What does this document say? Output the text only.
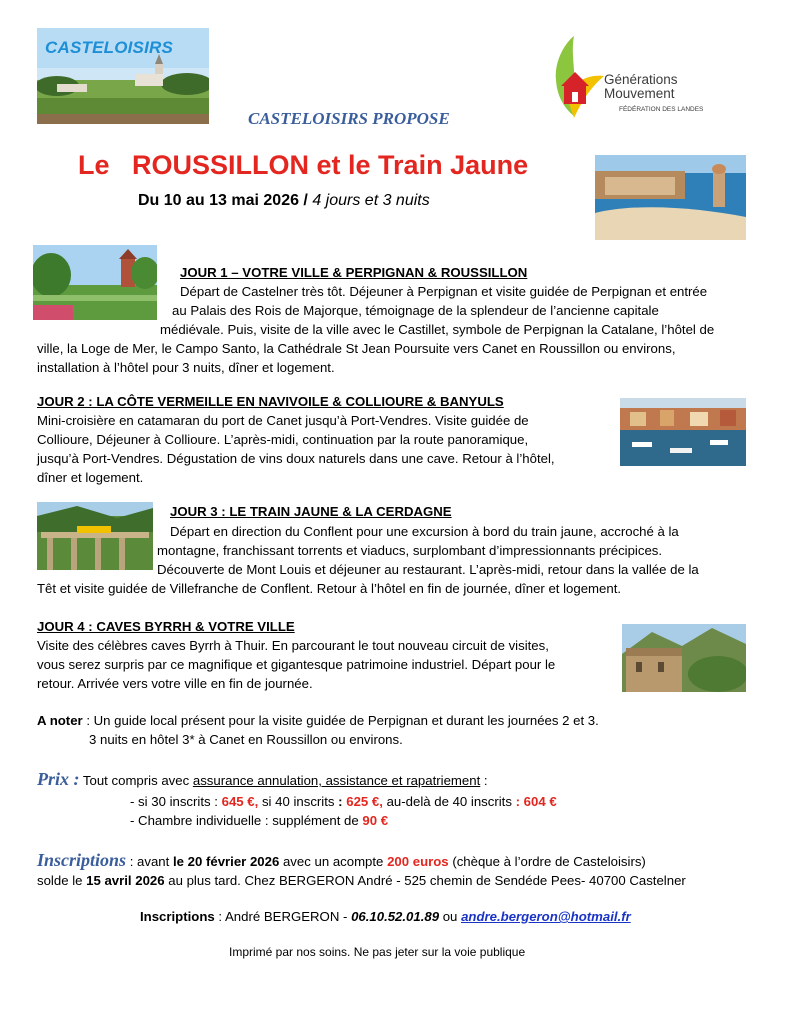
CASTELOISIRS
Générations
Mouvement
FÉDÉRATION DES LANDES
CASTELOISIRS PROPOSE
Le   ROUSSILLON et le Train Jaune
Du 10 au 13 mai 2026 / 4 jours et 3 nuits
JOUR 1 – VOTRE VILLE & PERPIGNAN & ROUSSILLON
Départ de Castelner très tôt. Déjeuner à Perpignan et visite guidée de Perpignan et entrée
au Palais des Rois de Majorque, témoignage de la splendeur de l’ancienne capitale
médiévale. Puis, visite de la ville avec le Castillet, symbole de Perpignan la Catalane, l’hôtel de
ville, la Loge de Mer, le Campo Santo, la Cathédrale St Jean Poursuite vers Canet en Roussillon ou environs,
installation à l’hôtel pour 3 nuits, dîner et logement.
JOUR 2 : LA CÔTE VERMEILLE EN NAVIVOILE & COLLIOURE & BANYULS
Mini-croisière en catamaran du port de Canet jusqu’à Port-Vendres. Visite guidée de
Collioure, Déjeuner à Collioure. L’après-midi, continuation par la route panoramique,
jusqu’à Port-Vendres. Dégustation de vins doux naturels dans une cave. Retour à l’hôtel,
dîner et logement.
JOUR 3 : LE TRAIN JAUNE & LA CERDAGNE
Départ en direction du Conflent pour une excursion à bord du train jaune, accroché à la
montagne, franchissant torrents et viaducs, surplombant d’impressionnants précipices.
Découverte de Mont Louis et déjeuner au restaurant. L’après-midi, retour dans la vallée de la
Têt et visite guidée de Villefranche de Conflent. Retour à l’hôtel en fin de journée, dîner et logement.
JOUR 4 : CAVES BYRRH & VOTRE VILLE
Visite des célèbres caves Byrrh à Thuir. En parcourant le tout nouveau circuit de visites,
vous serez surpris par ce magnifique et gigantesque patrimoine industriel. Départ pour le
retour. Arrivée vers votre ville en fin de journée.
A noter : Un guide local présent pour la visite guidée de Perpignan et durant les journées 2 et 3.
3 nuits en hôtel 3* à Canet en Roussillon ou environs.
Prix : Tout compris avec assurance annulation, assistance et rapatriement :
- si 30 inscrits : 645 €, si 40 inscrits : 625 €, au-delà de 40 inscrits : 604 €
- Chambre individuelle : supplément de 90 €
Inscriptions : avant le 20 février 2026 avec un acompte 200 euros (chèque à l’ordre de Casteloisirs)
solde le 15 avril 2026 au plus tard. Chez BERGERON André - 525 chemin de Sendéde Pees- 40700 Castelner
Inscriptions : André BERGERON - 06.10.52.01.89 ou andre.bergeron@hotmail.fr
Imprimé par nos soins. Ne pas jeter sur la voie publique
